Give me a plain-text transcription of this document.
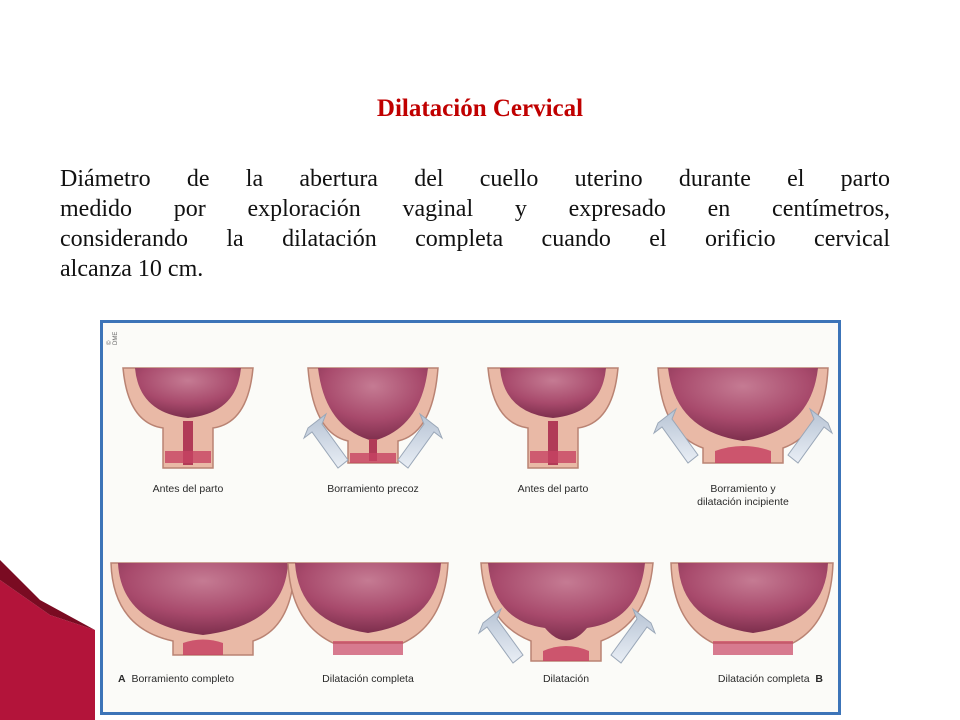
Dilatación Cervical
Diámetro de la abertura del cuello uterino durante el parto
medido por exploración vaginal y expresado en centímetros,
considerando la dilatación completa cuando el orificio cervical
alcanza 10 cm.
© DME
Antes del parto	Borramiento precoz	Antes del parto	Borramiento y
dilatación incipiente
A Borramiento completo	Dilatación completa	Dilatación	Dilatación completa B
